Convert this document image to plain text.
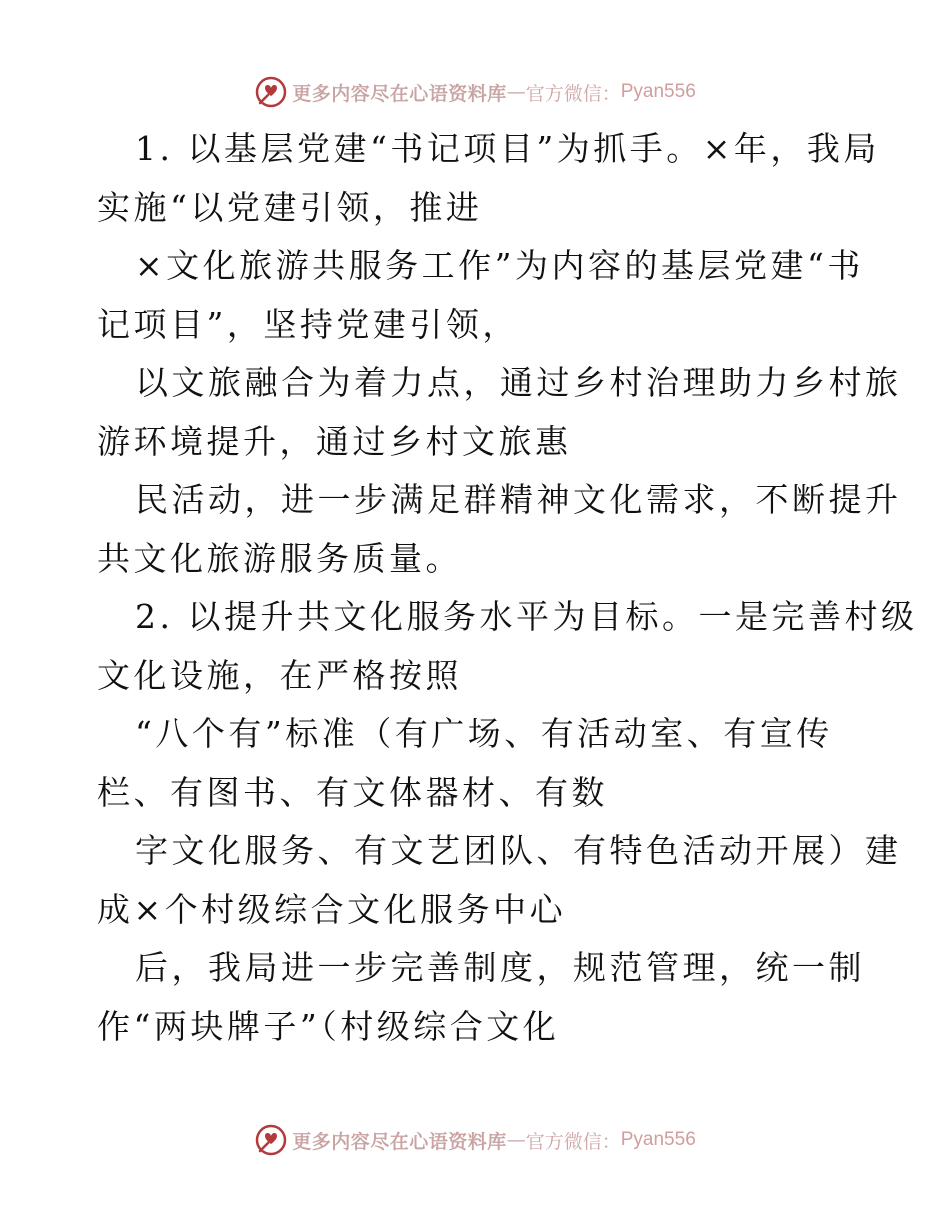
更多内容尽在心语资料库 — 官方微信： Pyan556
1. 以基层党建“书记项目”为抓手。×年，我局
实施“以党建引领，推进
×文化旅游共服务工作”为内容的基层党建“书
记项目”，坚持党建引领，
以文旅融合为着力点，通过乡村治理助力乡村旅
游环境提升，通过乡村文旅惠
民活动，进一步满足群精神文化需求，不断提升
共文化旅游服务质量。
2. 以提升共文化服务水平为目标。一是完善村级
文化设施，在严格按照
“八个有”标准（有广场、有活动室、有宣传
栏、有图书、有文体器材、有数
字文化服务、有文艺团队、有特色活动开展）建
成×个村级综合文化服务中心
后，我局进一步完善制度，规范管理，统一制
作“两块牌子”（村级综合文化
更多内容尽在心语资料库 — 官方微信： Pyan556
